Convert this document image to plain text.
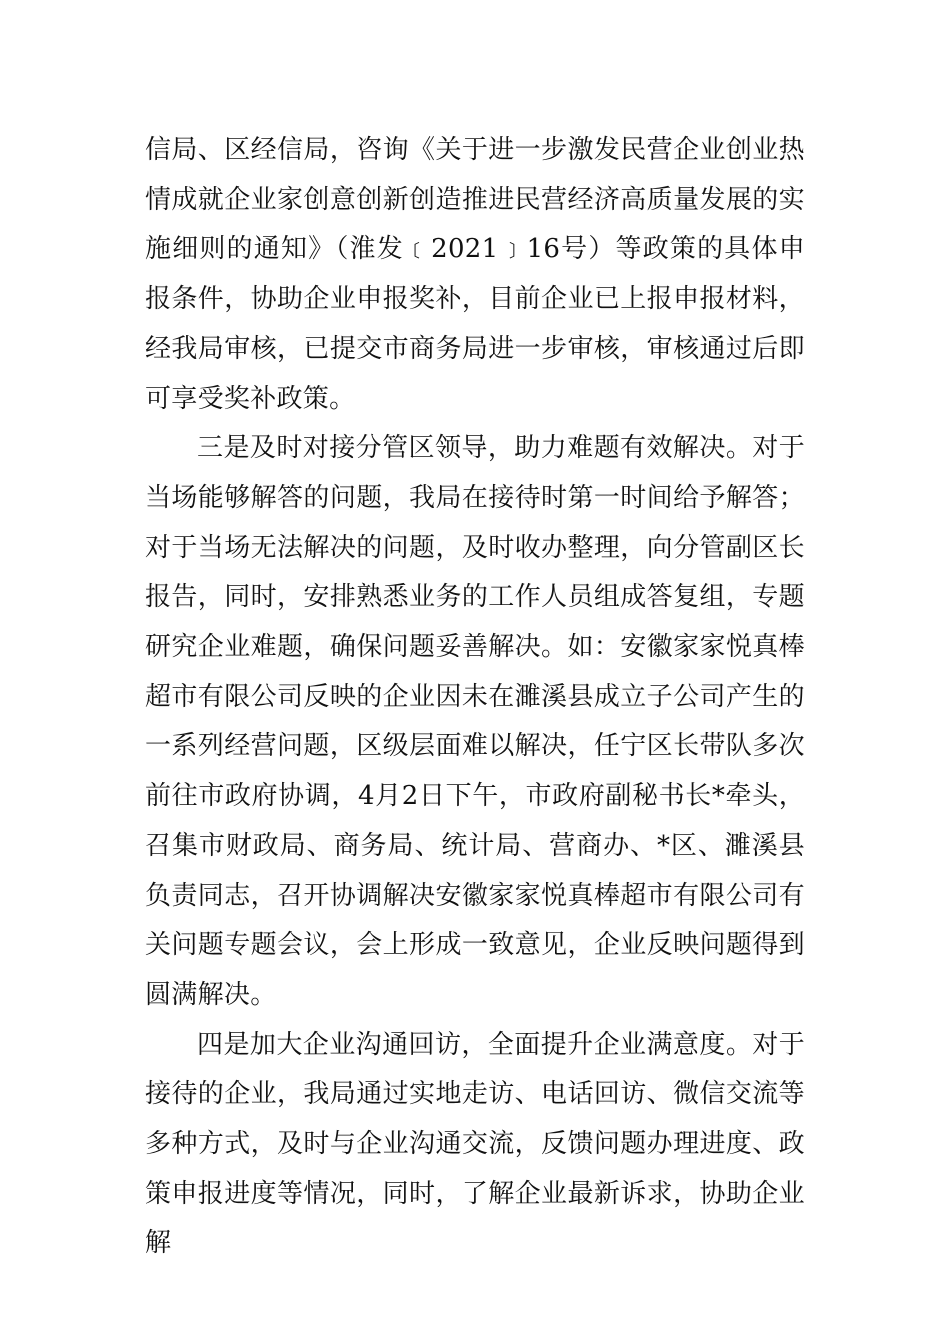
信局、区经信局，咨询《关于进一步激发民营企业创业热情成就企业家创意创新创造推进民营经济高质量发展的实施细则的通知》（淮发﹝2021﹞16号）等政策的具体申报条件，协助企业申报奖补，目前企业已上报申报材料，经我局审核，已提交市商务局进一步审核，审核通过后即可享受奖补政策。

三是及时对接分管区领导，助力难题有效解决。对于当场能够解答的问题，我局在接待时第一时间给予解答；对于当场无法解决的问题，及时收办整理，向分管副区长报告，同时，安排熟悉业务的工作人员组成答复组，专题研究企业难题，确保问题妥善解决。如：安徽家家悦真棒超市有限公司反映的企业因未在濉溪县成立子公司产生的一系列经营问题，区级层面难以解决，任宁区长带队多次前往市政府协调，4月2日下午，市政府副秘书长*牵头，召集市财政局、商务局、统计局、营商办、*区、濉溪县负责同志，召开协调解决安徽家家悦真棒超市有限公司有关问题专题会议，会上形成一致意见，企业反映问题得到圆满解决。

四是加大企业沟通回访，全面提升企业满意度。对于接待的企业，我局通过实地走访、电话回访、微信交流等多种方式，及时与企业沟通交流，反馈问题办理进度、政策申报进度等情况，同时，了解企业最新诉求，协助企业解
